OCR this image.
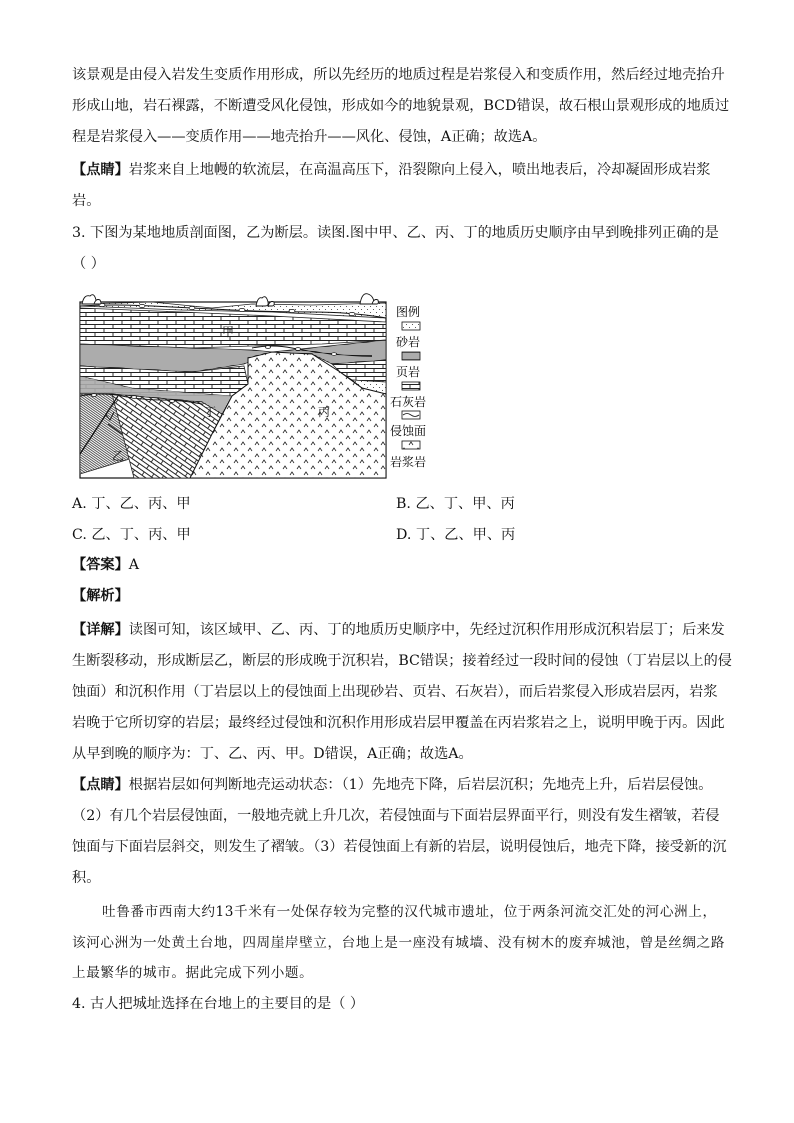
该景观是由侵入岩发生变质作用形成，所以先经历的地质过程是岩浆侵入和变质作用，然后经过地壳抬升
形成山地，岩石裸露，不断遭受风化侵蚀，形成如今的地貌景观，BCD错误，故石根山景观形成的地质过
程是岩浆侵入——变质作用——地壳抬升——风化、侵蚀，A正确；故选A。
【点睛】岩浆来自上地幔的软流层，在高温高压下，沿裂隙向上侵入，喷出地表后，冷却凝固形成岩浆
岩。
3. 下图为某地地质剖面图，乙为断层。读图.图中甲、乙、丙、丁的地质历史顺序由早到晚排列正确的是
（ ）
甲
乙
丙
丁
图例
砂岩
页岩
石灰岩
侵蚀面
岩浆岩
A. 丁、乙、丙、甲	B. 乙、丁、甲、丙
C. 乙、丁、丙、甲	D. 丁、乙、甲、丙
【答案】A
【解析】
【详解】读图可知，该区域甲、乙、丙、丁的地质历史顺序中，先经过沉积作用形成沉积岩层丁；后来发
生断裂移动，形成断层乙，断层的形成晚于沉积岩，BC错误；接着经过一段时间的侵蚀（丁岩层以上的侵
蚀面）和沉积作用（丁岩层以上的侵蚀面上出现砂岩、页岩、石灰岩），而后岩浆侵入形成岩层丙，岩浆
岩晚于它所切穿的岩层；最终经过侵蚀和沉积作用形成岩层甲覆盖在丙岩浆岩之上，说明甲晚于丙。因此
从早到晚的顺序为：丁、乙、丙、甲。D错误，A正确；故选A。
【点睛】根据岩层如何判断地壳运动状态：（1）先地壳下降，后岩层沉积；先地壳上升，后岩层侵蚀。
（2）有几个岩层侵蚀面，一般地壳就上升几次，若侵蚀面与下面岩层界面平行，则没有发生褶皱，若侵
蚀面与下面岩层斜交，则发生了褶皱。（3）若侵蚀面上有新的岩层，说明侵蚀后，地壳下降，接受新的沉
积。
吐鲁番市西南大约13千米有一处保存较为完整的汉代城市遗址，位于两条河流交汇处的河心洲上，
该河心洲为一处黄土台地，四周崖岸壁立，台地上是一座没有城墙、没有树木的废弃城池，曾是丝绸之路
上最繁华的城市。据此完成下列小题。
4. 古人把城址选择在台地上的主要目的是（ ）
